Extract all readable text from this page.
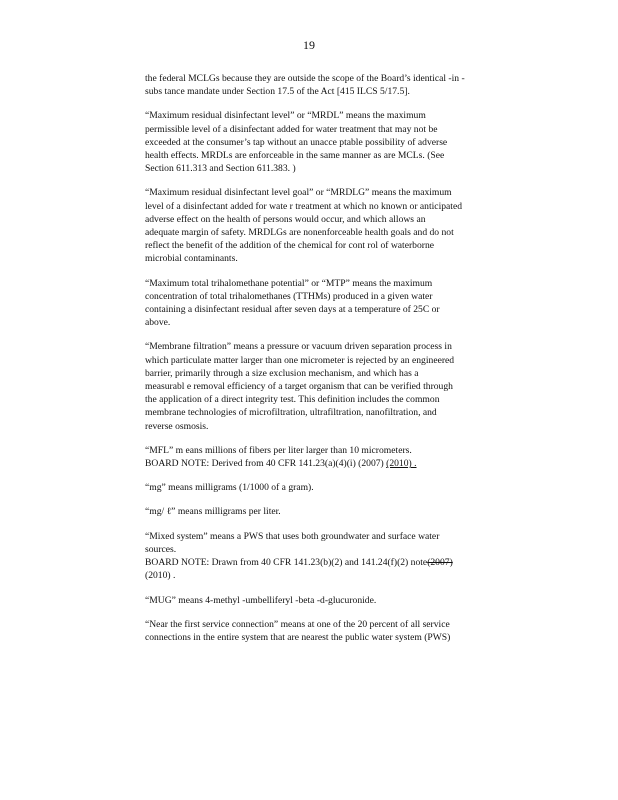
19

the federal MCLGs because they are outside the scope of the Board’s identical -in -
subs tance mandate under Section 17.5 of the Act [415 ILCS 5/17.5].

“Maximum residual disinfectant level” or “MRDL” means the maximum
permissible level of a disinfectant added for water treatment that may not be
exceeded at the consumer’s tap without an unacce ptable possibility of adverse
health effects. MRDLs are enforceable in the same manner as are MCLs. (See
Section 611.313 and Section 611.383. )

“Maximum residual disinfectant level goal” or “MRDLG” means the maximum
level of a disinfectant added for wate r treatment at which no known or anticipated
adverse effect on the health of persons would occur, and which allows an
adequate margin of safety. MRDLGs are nonenforceable health goals and do not
reflect the benefit of the addition of the chemical for cont rol of waterborne
microbial contaminants.

“Maximum total trihalomethane potential” or “MTP” means the maximum
concentration of total trihalomethanes (TTHMs) produced in a given water
containing a disinfectant residual after seven days at a temperature of 25C or
above.

“Membrane filtration” means a pressure or vacuum driven separation process in
which particulate matter larger than one micrometer is rejected by an engineered
barrier, primarily through a size exclusion mechanism, and which has a
measurabl e removal efficiency of a target organism that can be verified through
the application of a direct integrity test. This definition includes the common
membrane technologies of microfiltration, ultrafiltration, nanofiltration, and
reverse osmosis.

“MFL” m eans millions of fibers per liter larger than 10 micrometers.
BOARD NOTE: Derived from 40 CFR 141.23(a)(4)(i) (2007) (2010) .

“mg” means milligrams (1/1000 of a gram).

“mg/ ℓ” means milligrams per liter.

“Mixed system” means a PWS that uses both groundwater and surface water
sources.
BOARD NOTE: Drawn from 40 CFR 141.23(b)(2) and 141.24(f)(2) note(2007)
(2010) .

“MUG” means 4-methyl -umbelliferyl -beta -d-glucuronide.

“Near the first service connection” means at one of the 20 percent of all service
connections in the entire system that are nearest the public water system (PWS)
